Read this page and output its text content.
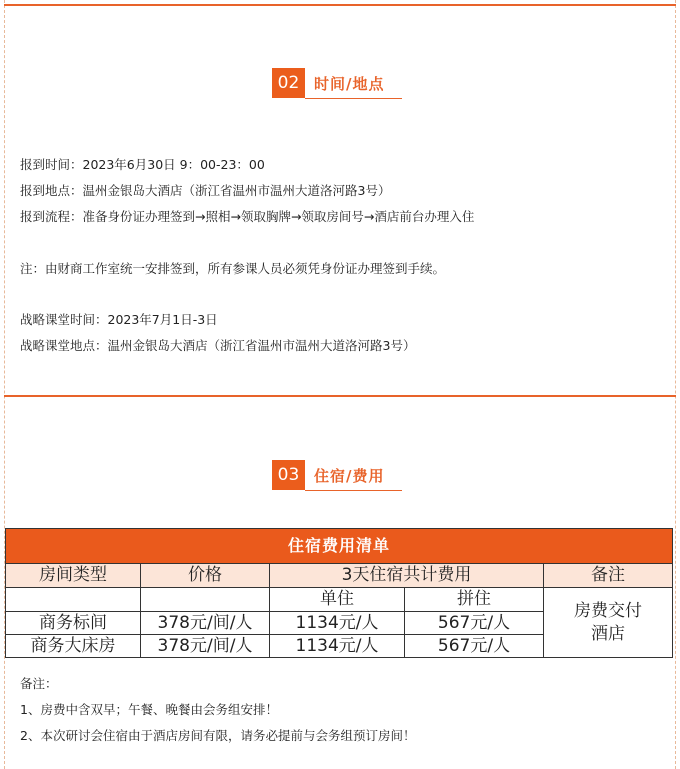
02 时间/地点
报到时间：2023年6月30日 9：00-23：00
报到地点：温州金银岛大酒店（浙江省温州市温州大道洛河路3号）
报到流程：准备身份证办理签到→照相→领取胸牌→领取房间号→酒店前台办理入住
注：由财商工作室统一安排签到，所有参课人员必须凭身份证办理签到手续。
战略课堂时间：2023年7月1日-3日
战略课堂地点：温州金银岛大酒店（浙江省温州市温州大道洛河路3号）
03 住宿/费用
住宿费用清单				
房间类型	价格	3天住宿共计费用		备注
		单住	拼住	房费交付酒店

商务标间	378元/间/人	1134元/人	567元/人	
商务大床房	378元/间/人	1134元/人	567元/人	
备注：
1、房费中含双早；午餐、晚餐由会务组安排！
2、本次研讨会住宿由于酒店房间有限，请务必提前与会务组预订房间！
